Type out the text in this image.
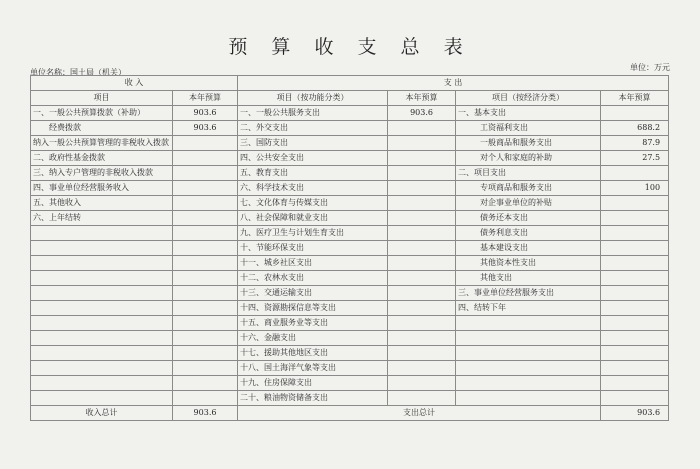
预 算 收 支 总 表
单位名称：国土局（机关）
单位：万元
收 入		支 出			
项目	本年预算	项目（按功能分类）	本年预算	项目（按经济分类）	本年预算
一、一般公共预算拨款（补助）	903.6	一、一般公共服务支出	903.6	一、基本支出	
经费拨款	903.6	二、外交支出		工资福利支出	688.2
纳入一般公共预算管理的非税收入拨款		三、国防支出		一般商品和服务支出	87.9
二、政府性基金拨款		四、公共安全支出		对个人和家庭的补助	27.5
三、纳入专户管理的非税收入拨款		五、教育支出		二、项目支出	
四、事业单位经营服务收入		六、科学技术支出		专项商品和服务支出	100
五、其他收入		七、文化体育与传媒支出		对企事业单位的补贴	
六、上年结转		八、社会保障和就业支出		债务还本支出	
		九、医疗卫生与计划生育支出		债务利息支出	
		十、节能环保支出		基本建设支出	
		十一、城乡社区支出		其他资本性支出	
		十二、农林水支出		其他支出	
		十三、交通运输支出		三、事业单位经营服务支出	
		十四、资源勘探信息等支出		四、结转下年	
		十五、商业服务业等支出			
		十六、金融支出			
		十七、援助其他地区支出			
		十八、国土海洋气象等支出			
		十九、住房保障支出			
		二十、粮油物资储备支出			
收入总计	903.6	支出总计			903.6
